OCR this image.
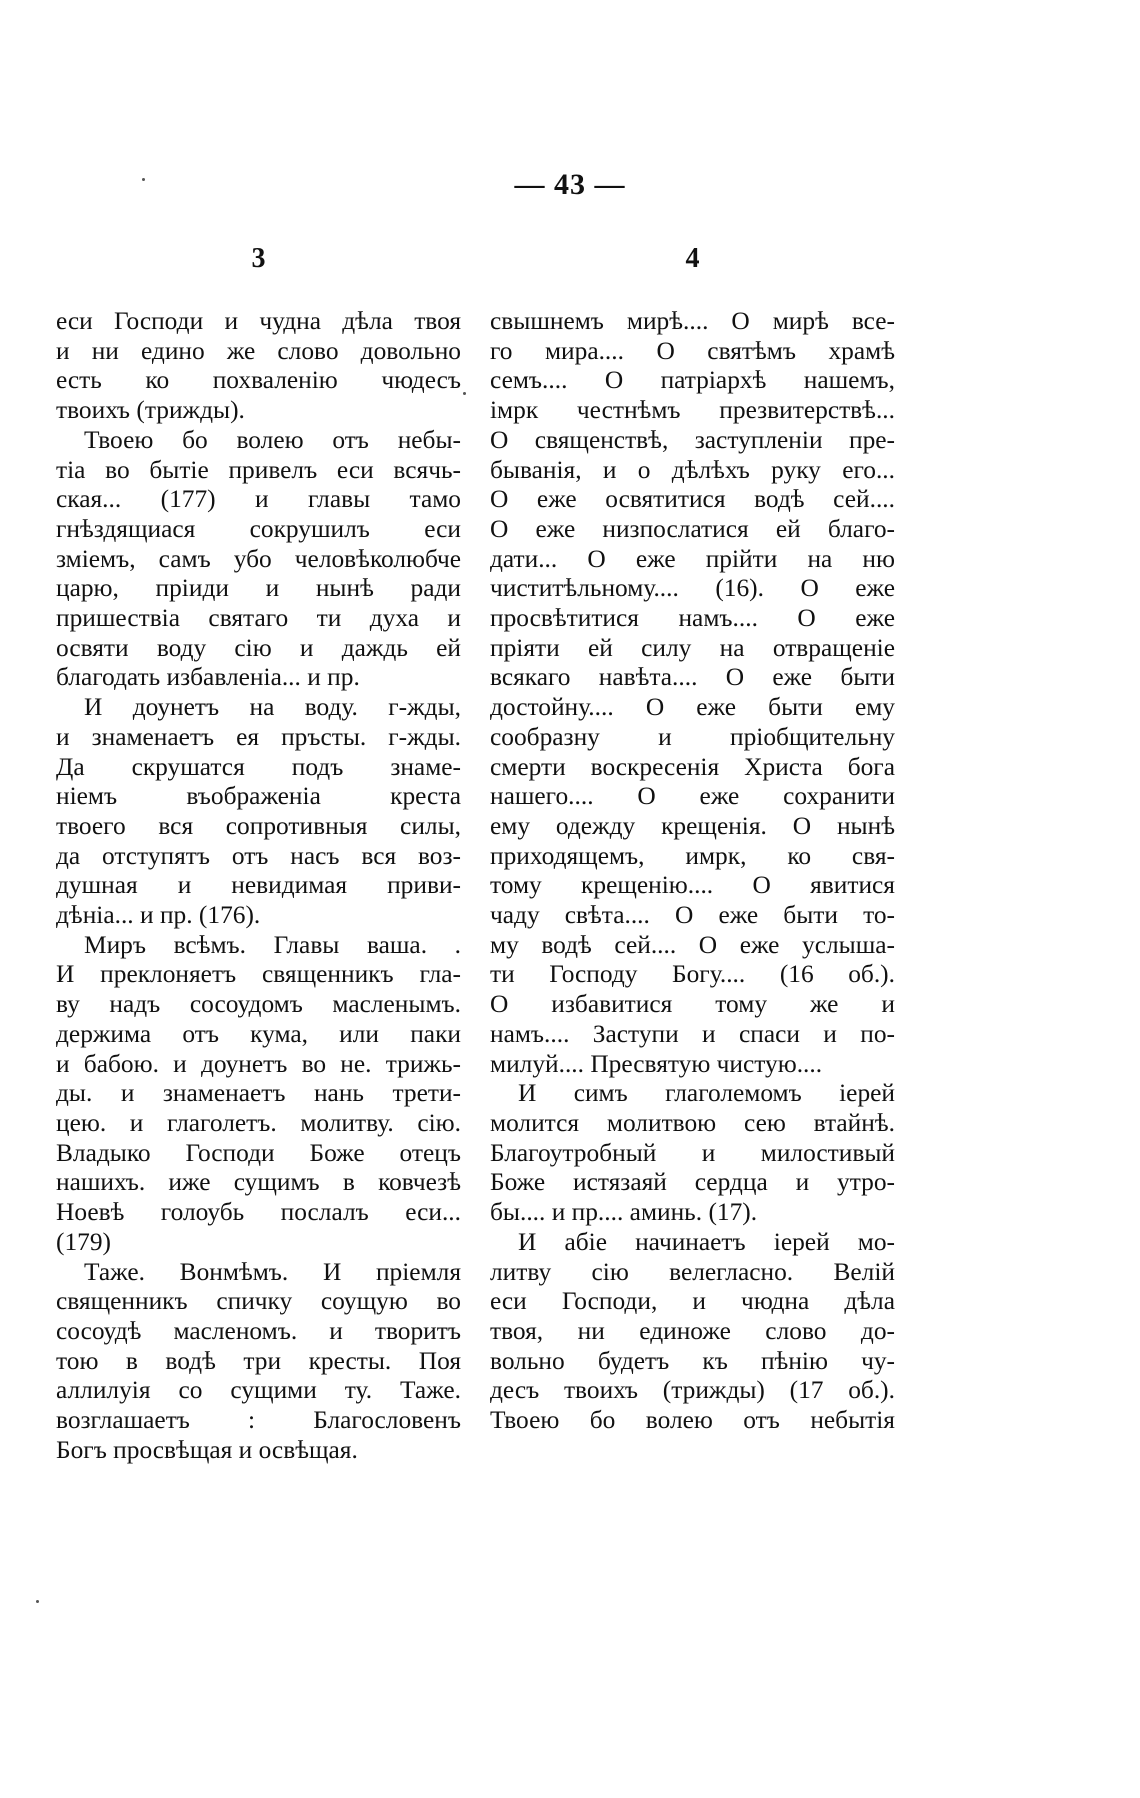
— 43 —
3
еси Господи и чудна дѣла твоя
и ни едино же слово довольно
есть ко похваленію чюдесъ
твоихъ (трижды).
Твоею бо волею отъ небы-
тіа во бытіе привелъ еси всячь-
ская... (177) и главы тамо
гнѣздящиася сокрушилъ еси
зміемъ, самъ убо человѣколюбче
царю, пріиди и нынѣ ради
пришествіа святаго ти духа и
освяти воду сію и даждь ей
благодать избавленіа... и пр.
И доунетъ на воду. г-жды,
и знаменаетъ ея пръсты. г-жды.
Да скрушатся подъ знаме-
ніемъ въображеніа креста
твоего вся сопротивныя силы,
да отступятъ отъ насъ вся воз-
душная и невидимая приви-
дѣніа... и пр. (176).
Миръ всѣмъ. Главы ваша. .
И преклоняетъ священникъ гла-
ву надъ сосоудомъ масленымъ.
держима отъ кума, или паки
и бабою. и доунетъ во не. трижь-
ды. и знаменаетъ нань трети-
цею. и глаголетъ. молитву. сію.
Владыко Господи Боже отецъ
нашихъ. иже сущимъ в ковчезѣ
Ноевѣ голоубь послалъ еси...
(179)
Таже. Вонмѣмъ. И пріемля
священникъ спичку соущую во
сосоудѣ масленомъ. и творитъ
тою в водѣ три кресты. Поя
аллилуія со сущими ту. Таже.
возглашаетъ : Благословенъ
Богъ просвѣщая и освѣщая.
4
свышнемъ мирѣ.... О мирѣ все-
го мира.... О святѣмъ храмѣ
семъ.... О патріархѣ нашемъ,
імрк честнѣмъ презвитерствѣ...
О священствѣ, заступленіи пре-
быванія, и о дѣлѣхъ руку его...
О еже освятитися водѣ сей....
О еже низпослатися ей благо-
дати... О еже прійти на ню
чиститѣльному.... (16). О еже
просвѣтитися намъ.... О еже
пріяти ей силу на отвращеніе
всякаго навѣта.... О еже быти
достойну.... О еже быти ему
сообразну и пріобщительну
смерти воскресенія Христа бога
нашего.... О еже сохранити
ему одежду крещенія. О нынѣ
приходящемъ, имрк, ко свя-
тому крещенію.... О явитися
чаду свѣта.... О еже быти то-
му водѣ сей.... О еже услыша-
ти Господу Богу.... (16 об.).
О избавитися тому же и
намъ.... Заступи и спаси и по-
милуй.... Пресвятую чистую....
И симъ глаголемомъ іерей
молится молитвою сею втайнѣ.
Благоутробный и милостивый
Боже истязаяй сердца и утро-
бы.... и пр.... аминь. (17).
И абіе начинаетъ іерей мо-
литву сію велегласно. Велій
еси Господи, и чюдна дѣла
твоя, ни единоже слово до-
вольно будетъ къ пѣнію чу-
десъ твоихъ (трижды) (17 об.).
Твоею бо волею отъ небытія
